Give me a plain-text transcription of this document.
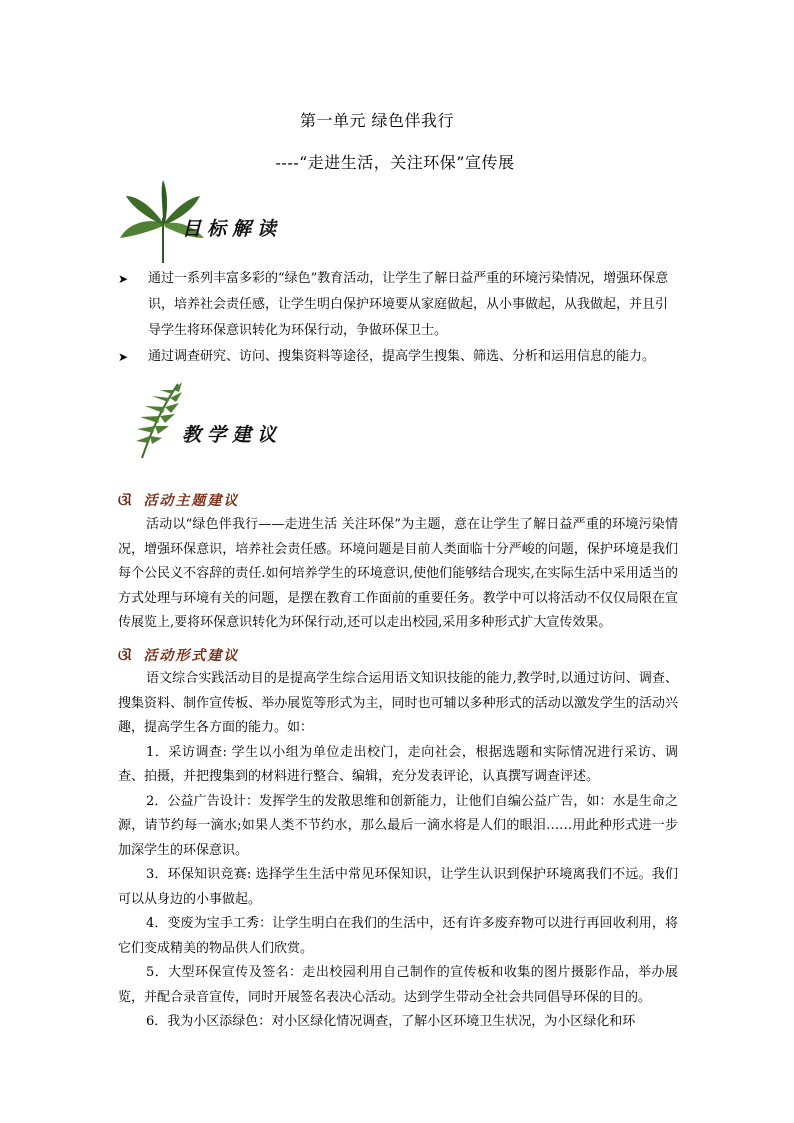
第一单元 绿色伴我行
----“走进生活，关注环保”宣传展
目标解读
➤ 通过一系列丰富多彩的“绿色”教育活动，让学生了解日益严重的环境污染情况，增强环保意识，培养社会责任感，让学生明白保护环境要从家庭做起，从小事做起，从我做起，并且引导学生将环保意识转化为环保行动，争做环保卫士。
➤ 通过调查研究、访问、搜集资料等途径，提高学生搜集、筛选、分析和运用信息的能力。
教学建议
ଔ 活动主题建议

活动以“绿色伴我行——走进生活 关注环保”为主题，意在让学生了解日益严重的环境污染情况，增强环保意识，培养社会责任感。环境问题是目前人类面临十分严峻的问题，保护环境是我们每个公民义不容辞的责任.如何培养学生的环境意识,使他们能够结合现实,在实际生活中采用适当的方式处理与环境有关的问题，是摆在教育工作面前的重要任务。教学中可以将活动不仅仅局限在宣传展览上,要将环保意识转化为环保行动,还可以走出校园,采用多种形式扩大宣传效果。

ଔ 活动形式建议

语文综合实践活动目的是提高学生综合运用语文知识技能的能力,教学时,以通过访问、调查、搜集资料、制作宣传板、举办展览等形式为主，同时也可辅以多种形式的活动以激发学生的活动兴趣，提高学生各方面的能力。如：

1．采访调查: 学生以小组为单位走出校门，走向社会，根据选题和实际情况进行采访、调查、拍摄，并把搜集到的材料进行整合、编辑，充分发表评论，认真撰写调查评述。

2．公益广告设计：发挥学生的发散思维和创新能力，让他们自编公益广告，如：水是生命之源，请节约每一滴水;如果人类不节约水，那么最后一滴水将是人们的眼泪……用此种形式进一步加深学生的环保意识。

3．环保知识竞赛: 选择学生生活中常见环保知识，让学生认识到保护环境离我们不远。我们可以从身边的小事做起。

4．变废为宝手工秀：让学生明白在我们的生活中，还有许多废弃物可以进行再回收利用，将它们变成精美的物品供人们欣赏。

5．大型环保宣传及签名：走出校园利用自己制作的宣传板和收集的图片摄影作品，举办展览，并配合录音宣传，同时开展签名表决心活动。达到学生带动全社会共同倡导环保的目的。

6．我为小区添绿色：对小区绿化情况调查，了解小区环境卫生状况，为小区绿化和环
